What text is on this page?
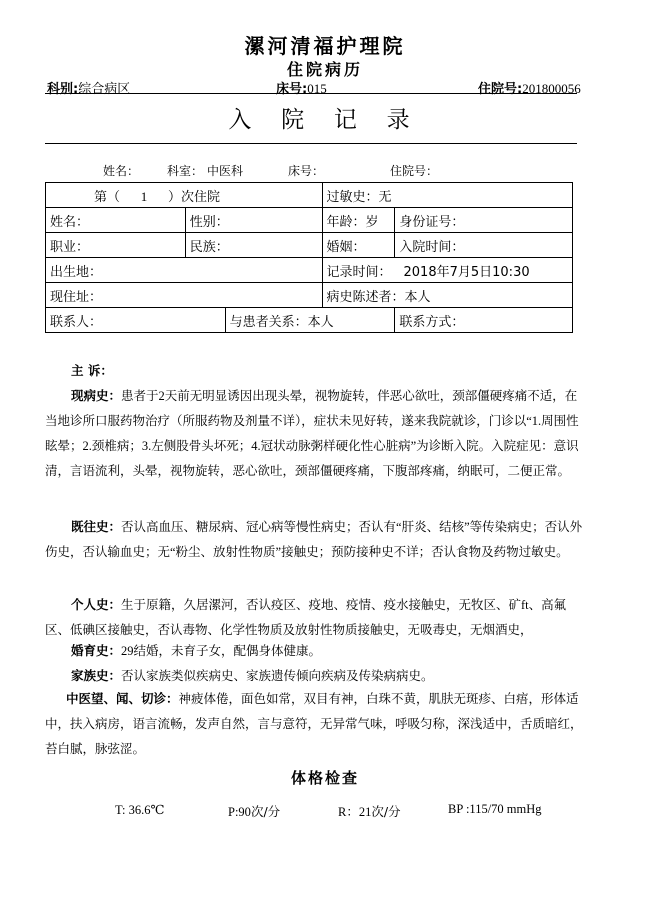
漯河清福护理院
住院病历
科别:综合病区	床号:015	住院号:201800056
入 院 记 录
姓名： 科室： 中医科	床号：	住院号：
第（ 1 ）次住院			过敏史：无	
姓名：	性别：		年龄：岁	身份证号：
职业：	民族：		婚姻：	入院时间：
出生地：			记录时间： 2018年7月5日10:30	
现住址：			病史陈述者：本人	
联系人：		与患者关系：本人		联系方式：
主 诉：
现病史：患者于2天前无明显诱因出现头晕，视物旋转，伴恶心欲吐，颈部僵硬疼痛不适，在当地诊所口服药物治疗（所服药物及剂量不详），症状未见好转，遂来我院就诊，门诊以“1.周围性眩晕；2.颈椎病；3.左侧股骨头坏死；4.冠状动脉粥样硬化性心脏病”为诊断入院。入院症见：意识清，言语流利，头晕，视物旋转，恶心欲吐，颈部僵硬疼痛，下腹部疼痛，纳眠可，二便正常。
既往史：否认高血压、糖尿病、冠心病等慢性病史；否认有“肝炎、结核”等传染病史；否认外伤史，否认输血史；无“粉尘、放射性物质”接触史；预防接种史不详；否认食物及药物过敏史。
个人史：生于原籍，久居漯河，否认疫区、疫地、疫情、疫水接触史，无牧区、矿ft、高氟区、低碘区接触史，否认毒物、化学性物质及放射性物质接触史，无吸毒史，无烟酒史，
婚育史：29结婚，未育子女，配偶身体健康。
家族史：否认家族类似疾病史、家族遗传倾向疾病及传染病病史。
中医望、闻、切诊：神疲体倦，面色如常，双目有神，白珠不黄，肌肤无斑疹、白痦，形体适中，扶入病房，语言流畅，发声自然，言与意符，无异常气味，呼吸匀称，深浅适中，舌质暗红，苔白腻，脉弦涩。
体格检查
T: 36.6℃	P:90次/分	R：21次/分	BP :115/70 mmHg
